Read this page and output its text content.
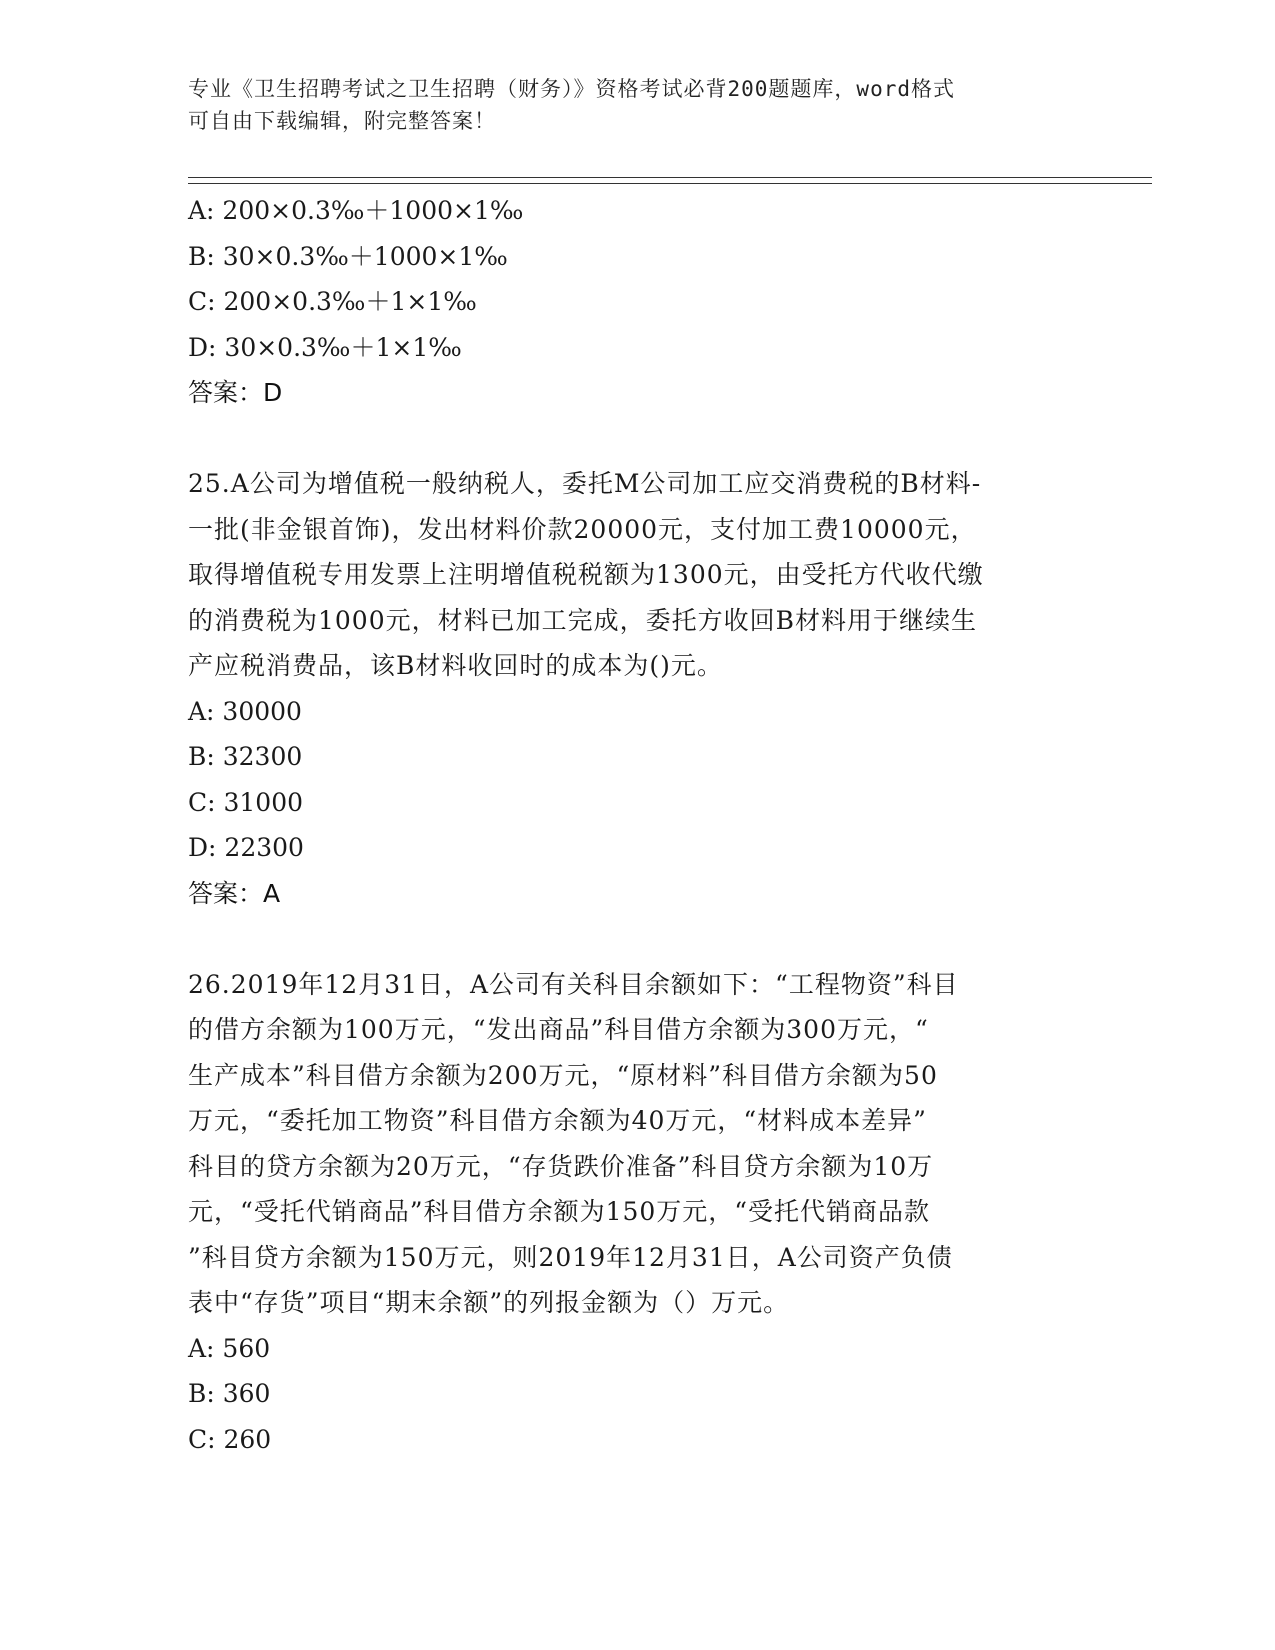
专业《卫生招聘考试之卫生招聘（财务）》资格考试必背200题题库，word格式
可自由下载编辑，附完整答案！
A: 200×0.3‰＋1000×1‰
B: 30×0.3‰＋1000×1‰
C: 200×0.3‰＋1×1‰
D: 30×0.3‰＋1×1‰
答案：D
25.A公司为增值税一般纳税人，委托M公司加工应交消费税的B材料-
一批(非金银首饰)，发出材料价款20000元，支付加工费10000元，
取得增值税专用发票上注明增值税税额为1300元，由受托方代收代缴
的消费税为1000元，材料已加工完成，委托方收回B材料用于继续生
产应税消费品，该B材料收回时的成本为()元。
A: 30000
B: 32300
C: 31000
D: 22300
答案：A
26.2019年12月31日，A公司有关科目余额如下：“工程物资”科目
的借方余额为100万元，“发出商品”科目借方余额为300万元，“
生产成本”科目借方余额为200万元，“原材料”科目借方余额为50
万元，“委托加工物资”科目借方余额为40万元，“材料成本差异”
科目的贷方余额为20万元，“存货跌价准备”科目贷方余额为10万
元，“受托代销商品”科目借方余额为150万元，“受托代销商品款
”科目贷方余额为150万元，则2019年12月31日，A公司资产负债
表中“存货”项目“期末余额”的列报金额为（）万元。
A: 560
B: 360
C: 260
